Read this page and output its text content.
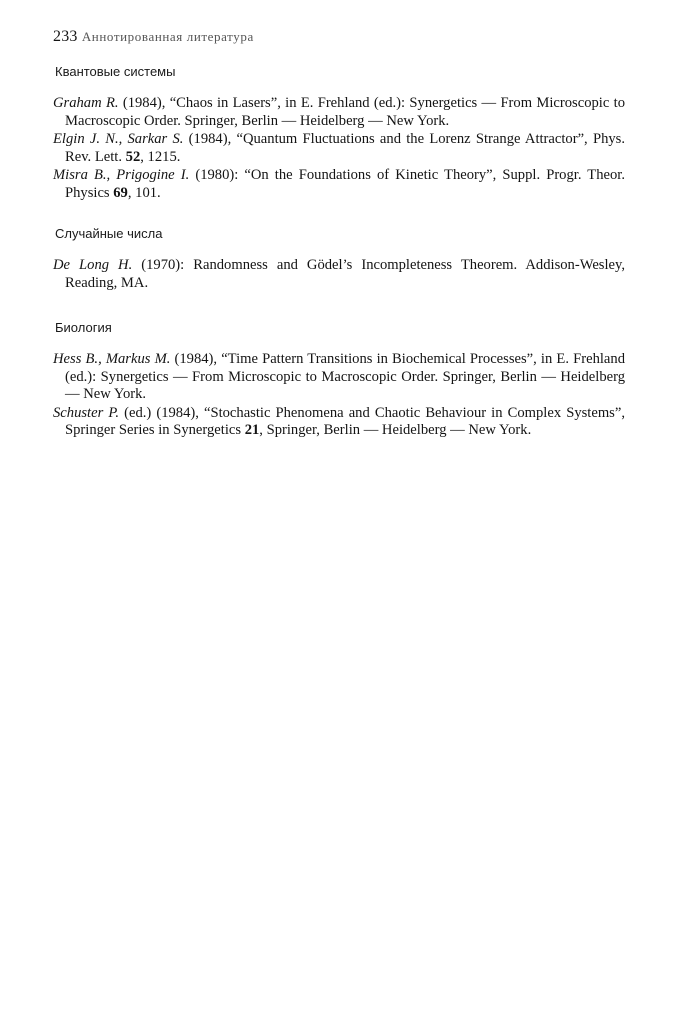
233 Аннотированная литература
Квантовые системы

Graham R. (1984), “Chaos in Lasers”, in E. Frehland (ed.): Synergetics — From Microscopic to Macroscopic Order. Springer, Berlin — Heidelberg — New York.

Elgin J. N., Sarkar S. (1984), “Quantum Fluctuations and the Lorenz Strange Attractor”, Phys. Rev. Lett. 52, 1215.

Misra B., Prigogine I. (1980): “On the Foundations of Kinetic Theory”, Suppl. Progr. Theor. Physics 69, 101.

Случайные числа

De Long H. (1970): Randomness and Gödel’s Incompleteness Theorem. Addison-Wesley, Reading, MA.

Биология

Hess B., Markus M. (1984), “Time Pattern Transitions in Biochemical Processes”, in E. Frehland (ed.): Synergetics — From Microscopic to Macroscopic Order. Springer, Berlin — Heidelberg — New York.

Schuster P. (ed.) (1984), “Stochastic Phenomena and Chaotic Behaviour in Complex Systems”, Springer Series in Synergetics 21, Springer, Berlin — Heidelberg — New York.
